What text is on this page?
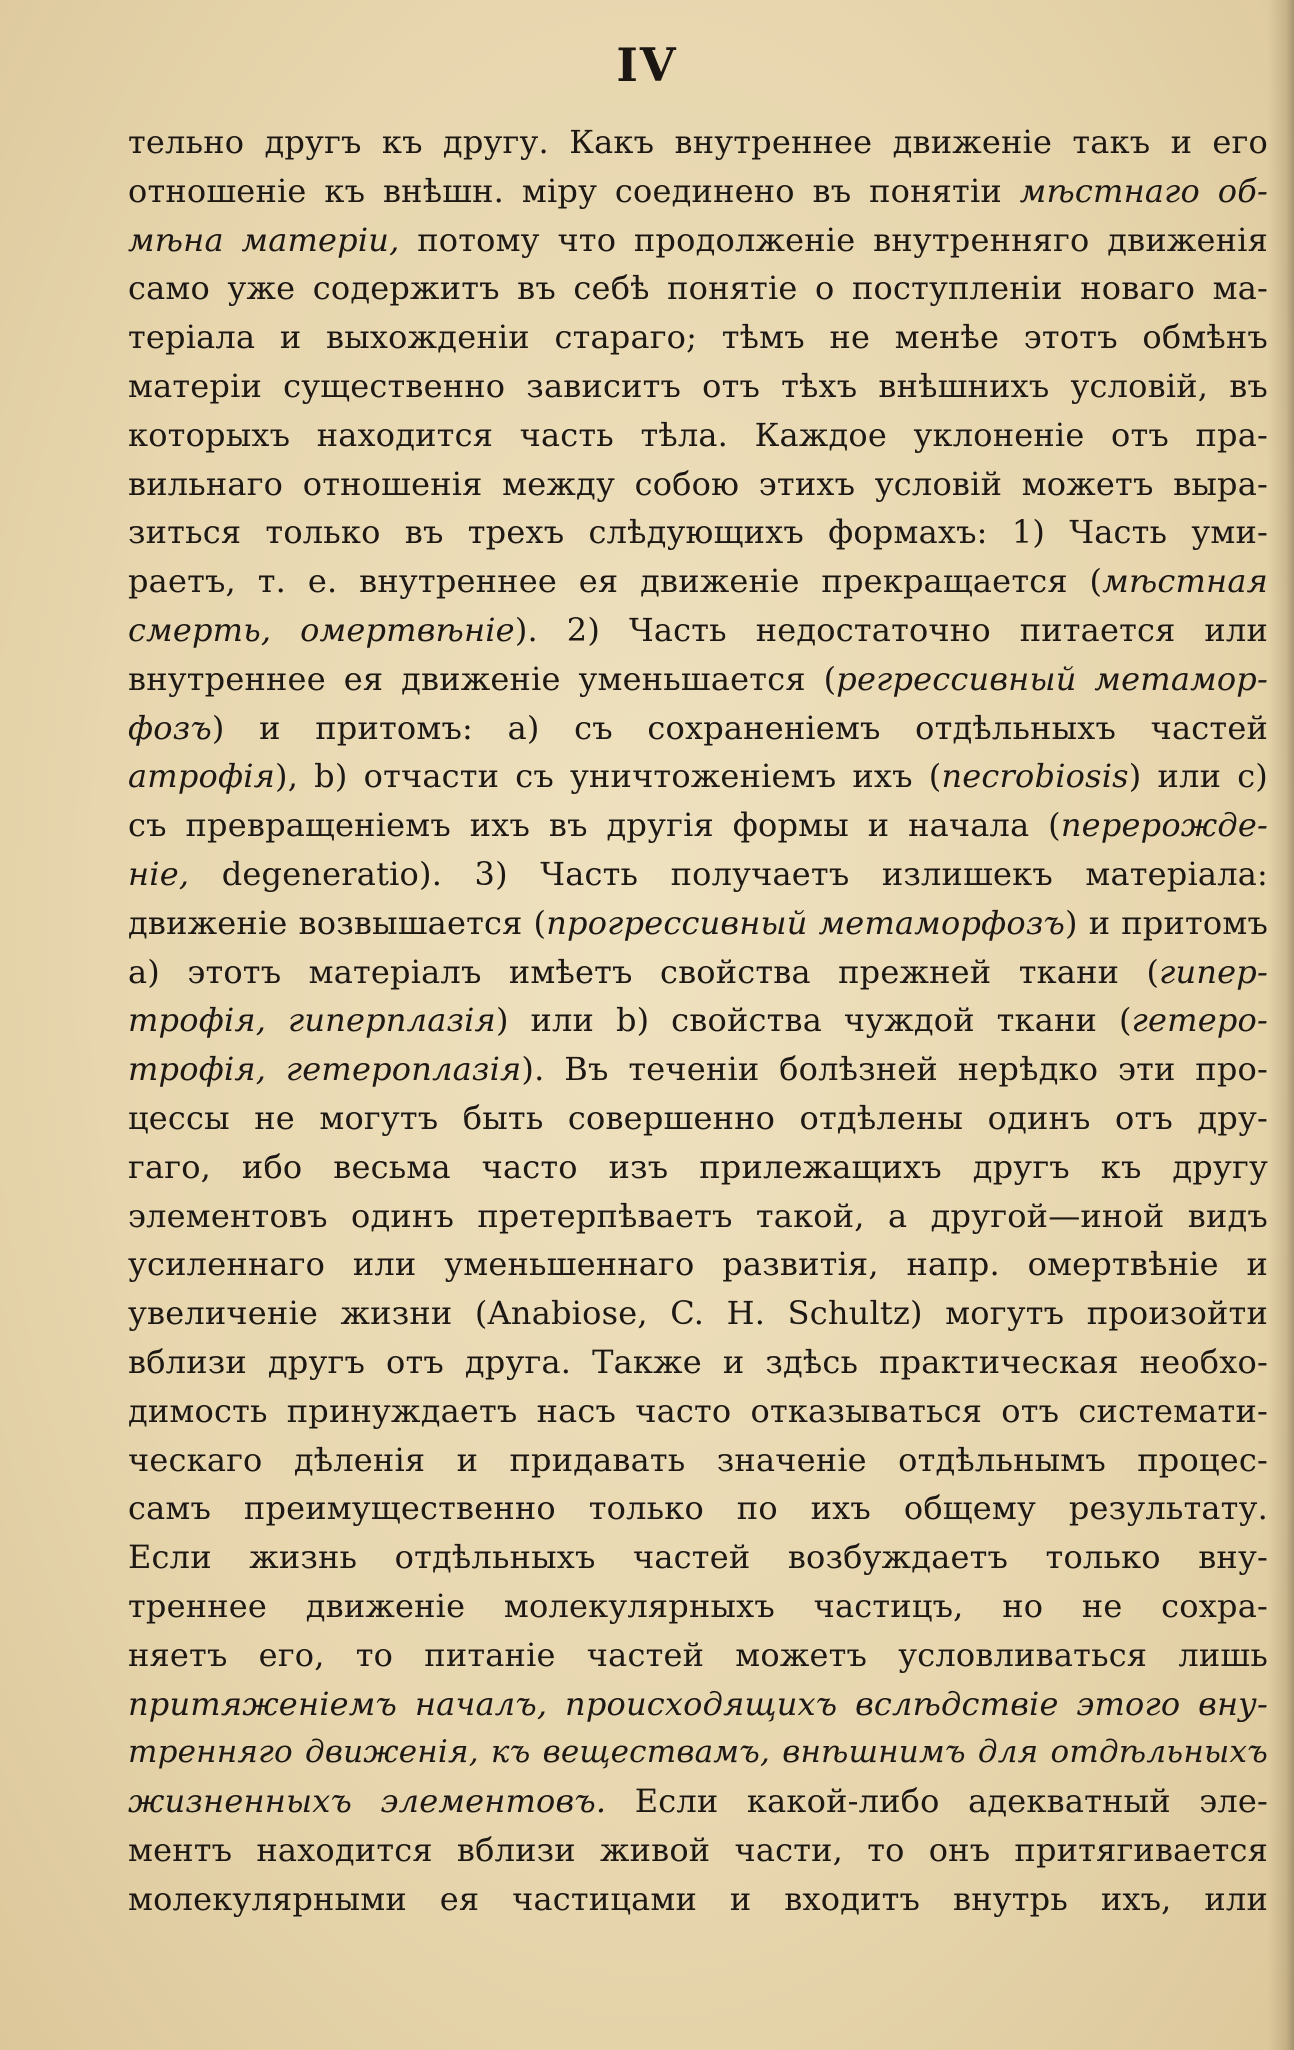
IV
тельно другъ къ другу. Какъ внутреннее движеніе такъ и его
отношеніе къ внѣшн. міру соединено въ понятіи мѣстнаго об-
мѣна матеріи, потому что продолженіе внутренняго движенія
само уже содержитъ въ себѣ понятіе о поступленіи новаго ма-
теріала и выхожденіи стараго; тѣмъ не менѣе этотъ обмѣнъ
матеріи существенно зависитъ отъ тѣхъ внѣшнихъ условій, въ
которыхъ находится часть тѣла. Каждое уклоненіе отъ пра-
вильнаго отношенія между собою этихъ условій можетъ выра-
зиться только въ трехъ слѣдующихъ формахъ: 1) Часть уми-
раетъ, т. е. внутреннее ея движеніе прекращается (мѣстная
смерть, омертвѣніе). 2) Часть недостаточно питается или
внутреннее ея движеніе уменьшается (регрессивный метамор-
фозъ) и притомъ: a) съ сохраненіемъ отдѣльныхъ частей
атрофія), b) отчасти съ уничтоженіемъ ихъ (necrobiosis) или c)
съ превращеніемъ ихъ въ другія формы и начала (перерожде-
ніе, degeneratio). 3) Часть получаетъ излишекъ матеріала:
движеніе возвышается (прогрессивный метаморфозъ) и притомъ
a) этотъ матеріалъ имѣетъ свойства прежней ткани (гипер-
трофія, гиперплазія) или b) свойства чуждой ткани (гетеро-
трофія, гетероплазія). Въ теченіи болѣзней нерѣдко эти про-
цессы не могутъ быть совершенно отдѣлены одинъ отъ дру-
гаго, ибо весьма часто изъ прилежащихъ другъ къ другу
элементовъ одинъ претерпѣваетъ такой, а другой—иной видъ
усиленнаго или уменьшеннаго развитія, напр. омертвѣніе и
увеличеніе жизни (Anabiose, C. H. Schultz) могутъ произойти
вблизи другъ отъ друга. Также и здѣсь практическая необхо-
димость принуждаетъ насъ часто отказываться отъ системати-
ческаго дѣленія и придавать значеніе отдѣльнымъ процес-
самъ преимущественно только по ихъ общему результату.
Если жизнь отдѣльныхъ частей возбуждаетъ только вну-
треннее движеніе молекулярныхъ частицъ, но не сохра-
няетъ его, то питаніе частей можетъ условливаться лишь
притяженіемъ началъ, происходящихъ вслѣдствіе этого вну-
тренняго движенія, къ веществамъ, внѣшнимъ для отдѣльныхъ
жизненныхъ элементовъ. Если какой-либо адекватный эле-
ментъ находится вблизи живой части, то онъ притягивается
молекулярными ея частицами и входитъ внутрь ихъ, или
